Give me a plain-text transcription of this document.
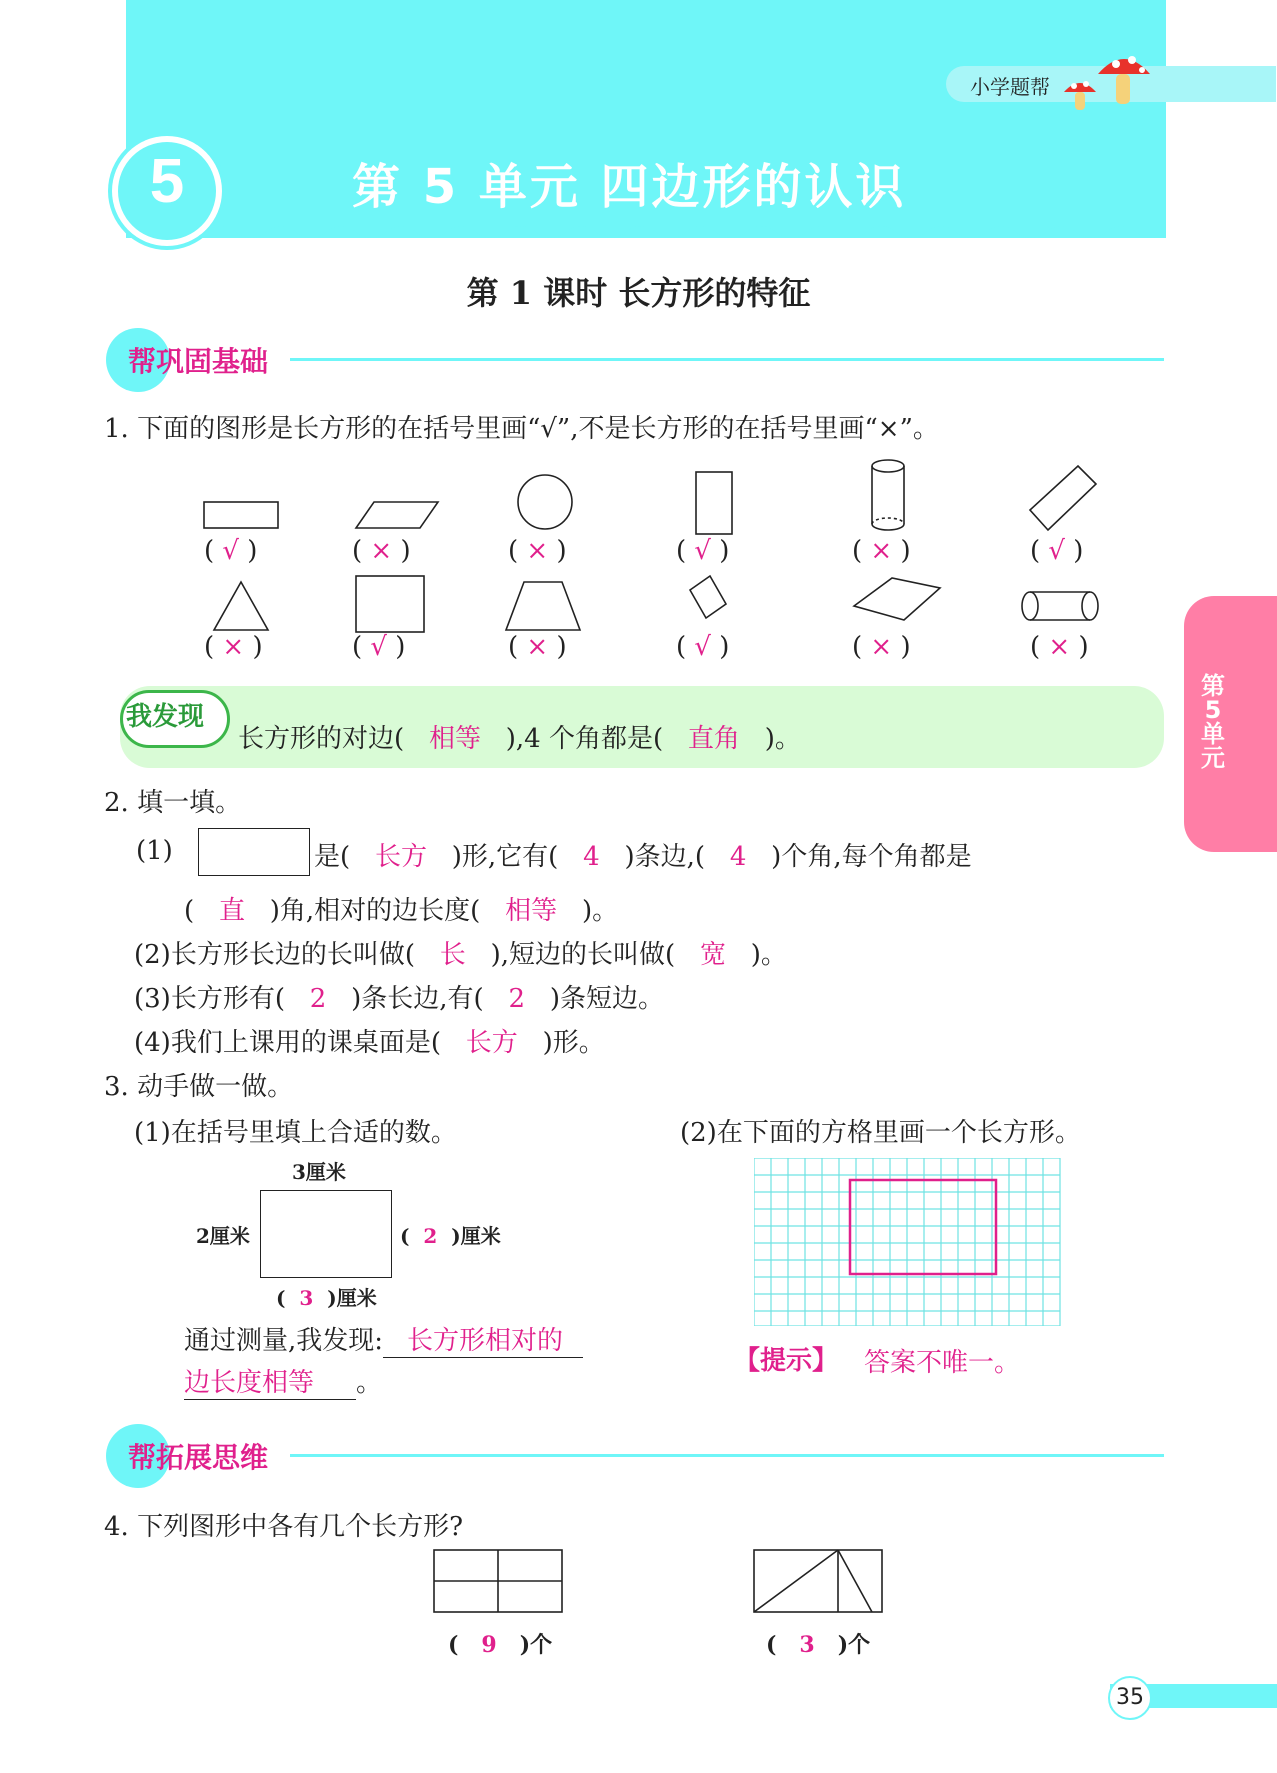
小学题帮
5	第 5 单元 四边形的认识
第 1 课时 长方形的特征
帮巩固基础
1. 下面的图形是长方形的在括号里画“√”,不是长方形的在括号里画“×”。
( √ )	( × )	( × )	( √ )	( × )	( √ )
( × )	( √ )	( × )	( √ )	( × )	( × )
我发现
长方形的对边( 相等 ),4 个角都是( 直角 )。
第5单元
2. 填一填。
(1)	是( 长方 )形,它有( 4 )条边,( 4 )个角,每个角都是
( 直 )角,相对的边长度( 相等 )。
(2)长方形长边的长叫做( 长 ),短边的长叫做( 宽 )。
(3)长方形有( 2 )条长边,有( 2 )条短边。
(4)我们上课用的课桌面是( 长方 )形。
3. 动手做一做。
(1)在括号里填上合适的数。	(2)在下面的方格里画一个长方形。
3厘米
2厘米	( 2 )厘米
( 3 )厘米
通过测量,我发现: 长方形相对的
边长度相等 。
【提示】 答案不唯一。
帮拓展思维
4. 下列图形中各有几个长方形?
( 9 )个	( 3 )个
35
